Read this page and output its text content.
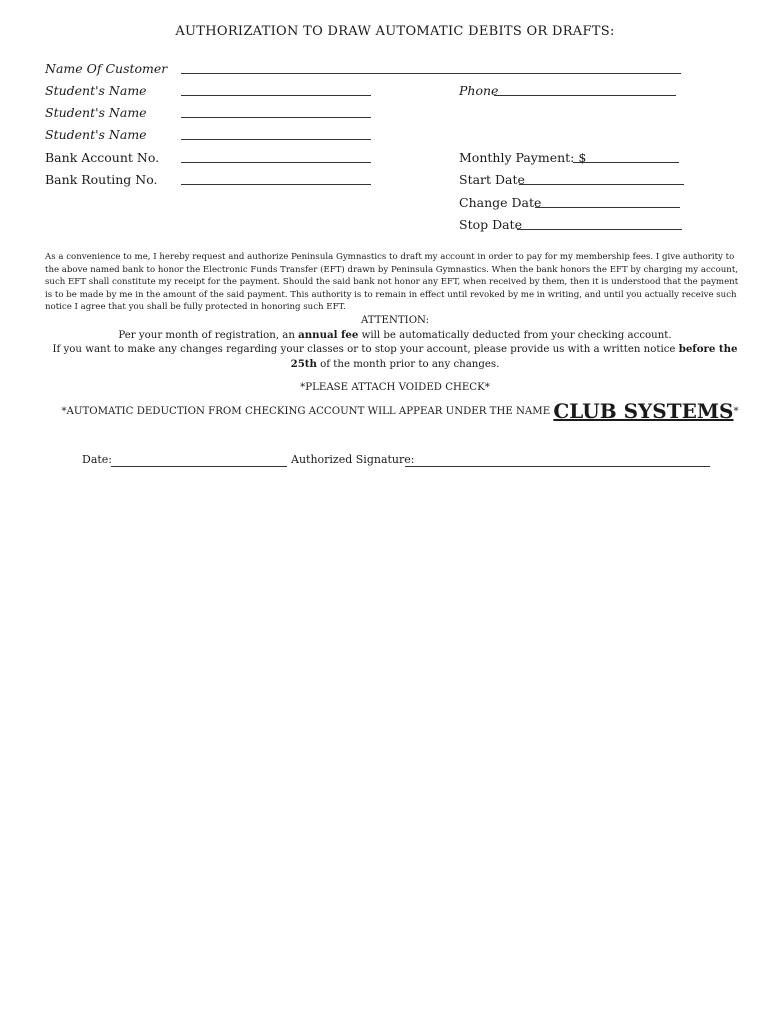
AUTHORIZATION TO DRAW AUTOMATIC DEBITS OR DRAFTS:
Name Of Customer
Student's Name
Student's Name
Student's Name
Bank Account No.
Bank Routing No.
Phone
Monthly Payment: $
Start Date
Change Date
Stop Date
As a convenience to me, I hereby request and authorize Peninsula Gymnastics to draft my account in order to pay for my membership fees. I give authority to the above named bank to honor the Electronic Funds Transfer (EFT) drawn by Peninsula Gymnastics. When the bank honors the EFT by charging my account, such EFT shall constitute my receipt for the payment. Should the said bank not honor any EFT, when received by them, then it is understood that the payment is to be made by me in the amount of the said payment. This authority is to remain in effect until revoked by me in writing, and until you actually receive such notice I agree that you shall be fully protected in honoring such EFT.
ATTENTION:
Per your month of registration, an annual fee will be automatically deducted from your checking account.
If you want to make any changes regarding your classes or to stop your account, please provide us with a written notice before the 25th of the month prior to any changes.
*PLEASE ATTACH VOIDED CHECK*
*AUTOMATIC DEDUCTION FROM CHECKING ACCOUNT WILL APPEAR UNDER THE NAME CLUB SYSTEMS*
Date:	Authorized Signature:
